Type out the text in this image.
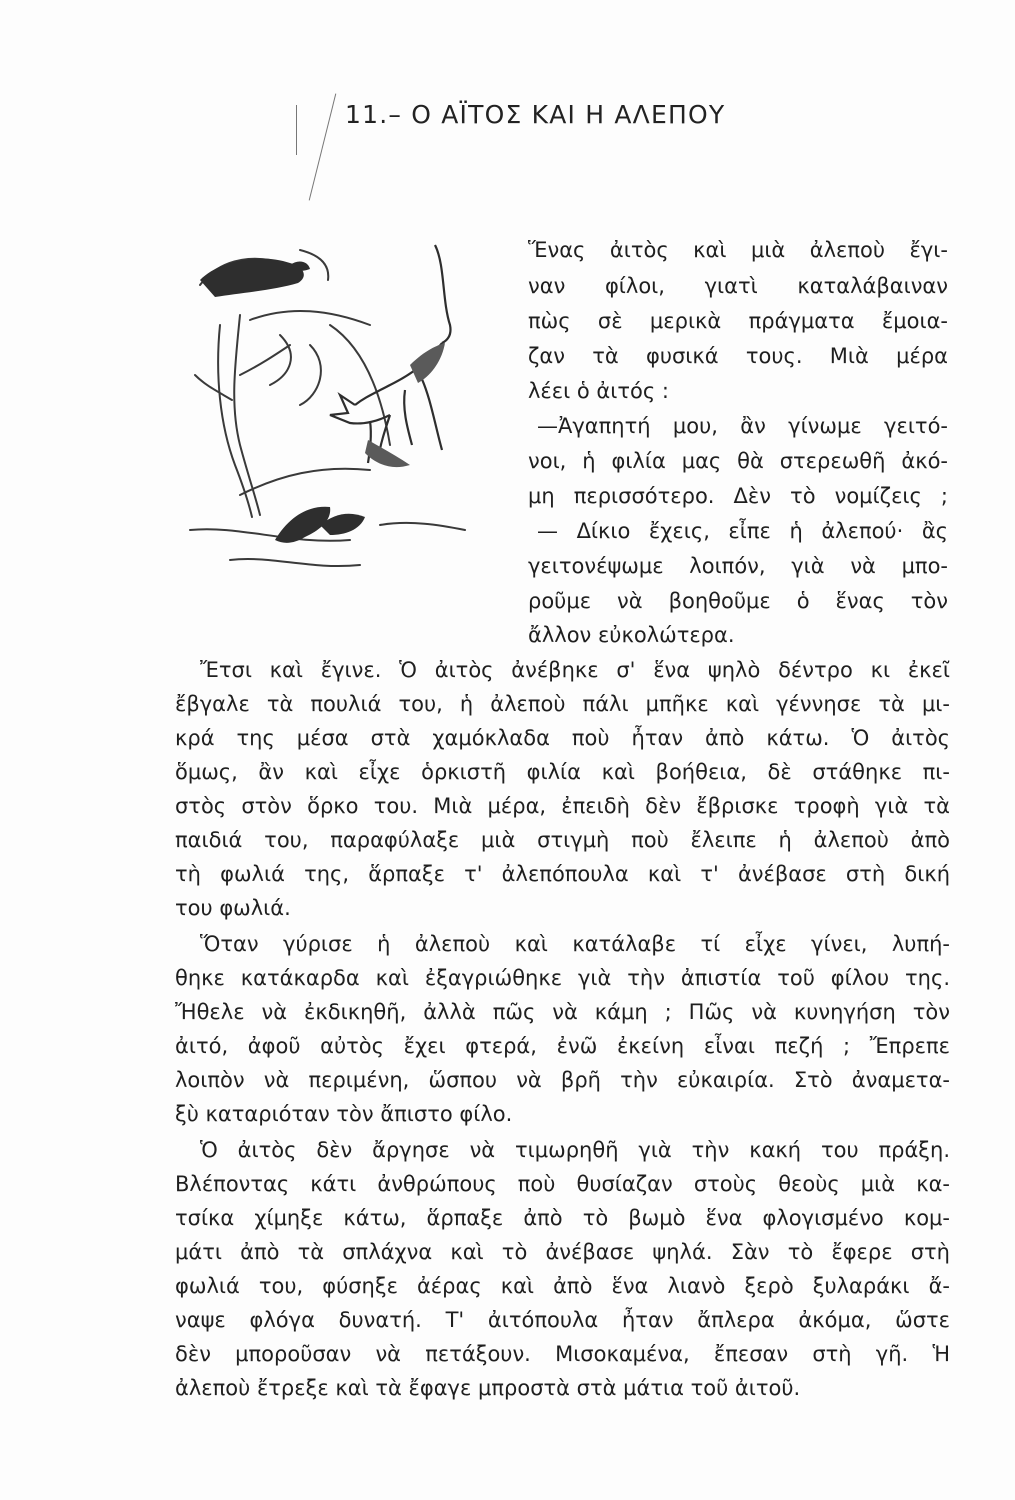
11.– Ο ΑΪΤΟΣ ΚΑΙ Η ΑΛΕΠΟΥ
Ἕνας ἀιτὸς καὶ μιὰ ἀλεποὺ ἔγι-
ναν φίλοι, γιατὶ καταλάβαιναν
πὼς σὲ μερικὰ πράγματα ἔμοια-
ζαν τὰ φυσικά τους. Μιὰ μέρα
λέει ὁ ἀιτός :
—Ἀγαπητή μου, ἂν γίνωμε γειτό-
νοι, ἡ φιλία μας θὰ στερεωθῆ ἀκό-
μη περισσότερο. Δὲν τὸ νομίζεις ;
— Δίκιο ἔχεις, εἶπε ἡ ἀλεπού· ἂς
γειτονέψωμε λοιπόν, γιὰ νὰ μπο-
ροῦμε νὰ βοηθοῦμε ὁ ἕνας τὸν
ἄλλον εὐκολώτερα.
Ἔτσι καὶ ἔγινε. Ὁ ἀιτὸς ἀνέβηκε σ' ἕνα ψηλὸ δέντρο κι ἐκεῖ
ἔβγαλε τὰ πουλιά του, ἡ ἀλεποὺ πάλι μπῆκε καὶ γέννησε τὰ μι-
κρά της μέσα στὰ χαμόκλαδα ποὺ ἦταν ἀπὸ κάτω. Ὁ ἀιτὸς
ὅμως, ἂν καὶ εἶχε ὁρκιστῆ φιλία καὶ βοήθεια, δὲ στάθηκε πι-
στὸς στὸν ὅρκο του. Μιὰ μέρα, ἐπειδὴ δὲν ἔβρισκε τροφὴ γιὰ τὰ
παιδιά του, παραφύλαξε μιὰ στιγμὴ ποὺ ἔλειπε ἡ ἀλεποὺ ἀπὸ
τὴ φωλιά της, ἅρπαξε τ' ἀλεπόπουλα καὶ τ' ἀνέβασε στὴ δική
του φωλιά.
Ὅταν γύρισε ἡ ἀλεποὺ καὶ κατάλαβε τί εἶχε γίνει, λυπή-
θηκε κατάκαρδα καὶ ἐξαγριώθηκε γιὰ τὴν ἀπιστία τοῦ φίλου της.
Ἤθελε νὰ ἐκδικηθῆ, ἀλλὰ πῶς νὰ κάμη ; Πῶς νὰ κυνηγήση τὸν
ἀιτό, ἀφοῦ αὐτὸς ἔχει φτερά, ἐνῶ ἐκείνη εἶναι πεζή ; Ἔπρεπε
λοιπὸν νὰ περιμένη, ὥσπου νὰ βρῆ τὴν εὐκαιρία. Στὸ ἀναμετα-
ξὺ καταριόταν τὸν ἄπιστο φίλο.
Ὁ ἀιτὸς δὲν ἄργησε νὰ τιμωρηθῆ γιὰ τὴν κακή του πράξη.
Βλέποντας κάτι ἀνθρώπους ποὺ θυσίαζαν στοὺς θεοὺς μιὰ κα-
τσίκα χίμηξε κάτω, ἅρπαξε ἀπὸ τὸ βωμὸ ἕνα φλογισμένο κομ-
μάτι ἀπὸ τὰ σπλάχνα καὶ τὸ ἀνέβασε ψηλά. Σὰν τὸ ἔφερε στὴ
φωλιά του, φύσηξε ἀέρας καὶ ἀπὸ ἕνα λιανὸ ξερὸ ξυλαράκι ἄ-
ναψε φλόγα δυνατή. Τ' ἀιτόπουλα ἦταν ἄπλερα ἀκόμα, ὥστε
δὲν μποροῦσαν νὰ πετάξουν. Μισοκαμένα, ἔπεσαν στὴ γῆ. Ἡ
ἀλεποὺ ἔτρεξε καὶ τὰ ἔφαγε μπροστὰ στὰ μάτια τοῦ ἀιτοῦ.
